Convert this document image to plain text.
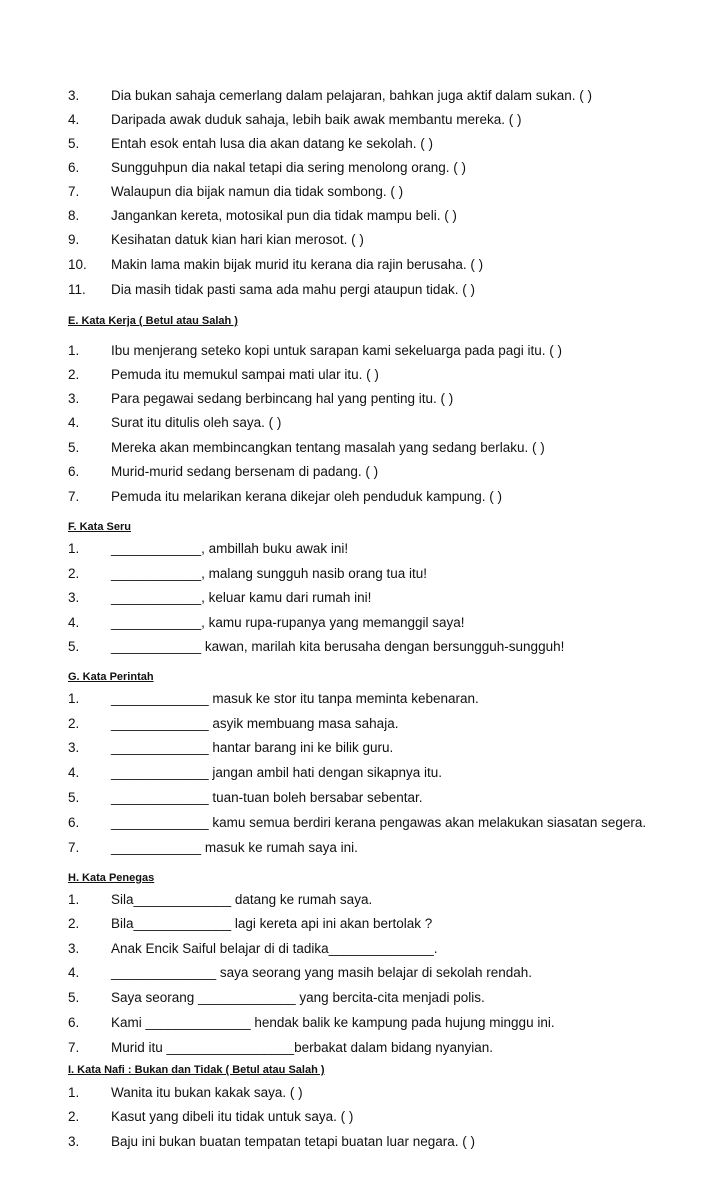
3. Dia bukan sahaja cemerlang dalam pelajaran, bahkan juga aktif dalam sukan. ( )
4. Daripada awak duduk sahaja, lebih baik awak membantu mereka. ( )
5. Entah esok entah lusa dia akan datang ke sekolah. ( )
6. Sungguhpun dia nakal tetapi dia sering menolong orang. ( )
7. Walaupun dia bijak namun dia tidak sombong. ( )
8. Jangankan kereta, motosikal pun dia tidak mampu beli. ( )
9. Kesihatan datuk kian hari kian merosot. ( )
10. Makin lama makin bijak murid itu kerana dia rajin berusaha. ( )
11. Dia masih tidak pasti sama ada mahu pergi ataupun tidak. ( )
E. Kata Kerja ( Betul atau Salah )
1. Ibu menjerang seteko kopi untuk sarapan kami sekeluarga pada pagi itu. ( )
2. Pemuda itu memukul sampai mati ular itu. ( )
3. Para pegawai sedang berbincang hal yang penting itu. ( )
4. Surat itu ditulis oleh saya. ( )
5. Mereka akan membincangkan tentang masalah yang sedang berlaku. ( )
6. Murid-murid sedang bersenam di padang. ( )
7. Pemuda itu melarikan kerana dikejar oleh penduduk kampung. ( )
F. Kata Seru
1. ____________, ambillah buku awak ini!
2. ____________, malang sungguh nasib orang tua itu!
3. ____________, keluar kamu dari rumah ini!
4. ____________, kamu rupa-rupanya yang memanggil saya!
5. ____________ kawan, marilah kita berusaha dengan bersungguh-sungguh!
G. Kata Perintah
1. _____________ masuk ke stor itu tanpa meminta kebenaran.
2. _____________ asyik membuang masa sahaja.
3. _____________ hantar barang ini ke bilik guru.
4. _____________ jangan ambil hati dengan sikapnya itu.
5. _____________ tuan-tuan boleh bersabar sebentar.
6. _____________ kamu semua berdiri kerana pengawas akan melakukan siasatan segera.
7. ____________ masuk ke rumah saya ini.
H. Kata Penegas
1. Sila_____________ datang ke rumah saya.
2. Bila_____________ lagi kereta api ini akan bertolak ?
3. Anak Encik Saiful belajar di di tadika______________.
4. ______________ saya seorang yang masih belajar di sekolah rendah.
5. Saya seorang _____________ yang bercita-cita menjadi polis.
6. Kami ______________ hendak balik ke kampung pada hujung minggu ini.
7. Murid itu _________________berbakat dalam bidang nyanyian.
I. Kata Nafi : Bukan dan Tidak ( Betul atau Salah )
1. Wanita itu bukan kakak saya. ( )
2. Kasut yang dibeli itu tidak untuk saya. ( )
3. Baju ini bukan buatan tempatan tetapi buatan luar negara. ( )
